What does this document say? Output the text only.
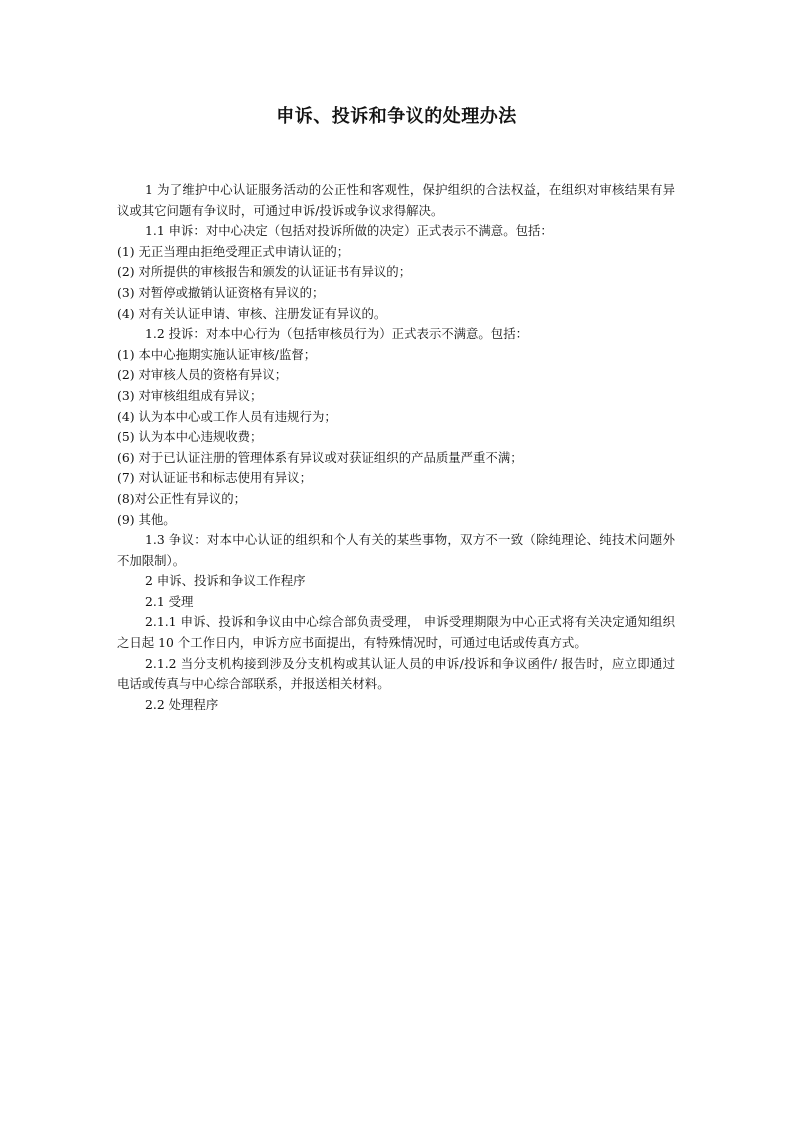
申诉、投诉和争议的处理办法

1 为了维护中心认证服务活动的公正性和客观性，保护组织的合法权益，在组织对审核结果有异议或其它问题有争议时，可通过申诉/投诉或争议求得解决。

1.1 申诉：对中心决定（包括对投诉所做的决定）正式表示不满意。包括：

(1) 无正当理由拒绝受理正式申请认证的；

(2) 对所提供的审核报告和颁发的认证证书有异议的；

(3) 对暂停或撤销认证资格有异议的；

(4) 对有关认证申请、审核、注册发证有异议的。

1.2 投诉：对本中心行为（包括审核员行为）正式表示不满意。包括：

(1) 本中心拖期实施认证审核/监督；

(2) 对审核人员的资格有异议；

(3) 对审核组组成有异议；

(4) 认为本中心或工作人员有违规行为；

(5) 认为本中心违规收费；

(6) 对于已认证注册的管理体系有异议或对获证组织的产品质量严重不满；

(7) 对认证证书和标志使用有异议；

(8)对公正性有异议的；

(9) 其他。

1.3 争议：对本中心认证的组织和个人有关的某些事物，双方不一致（除纯理论、纯技术问题外不加限制）。

2 申诉、投诉和争议工作程序

2.1 受理

2.1.1 申诉、投诉和争议由中心综合部负责受理， 申诉受理期限为中心正式将有关决定通知组织之日起 10 个工作日内，申诉方应书面提出，有特殊情况时，可通过电话或传真方式。

2.1.2 当分支机构接到涉及分支机构或其认证人员的申诉/投诉和争议函件/ 报告时，应立即通过电话或传真与中心综合部联系，并报送相关材料。

2.2 处理程序
